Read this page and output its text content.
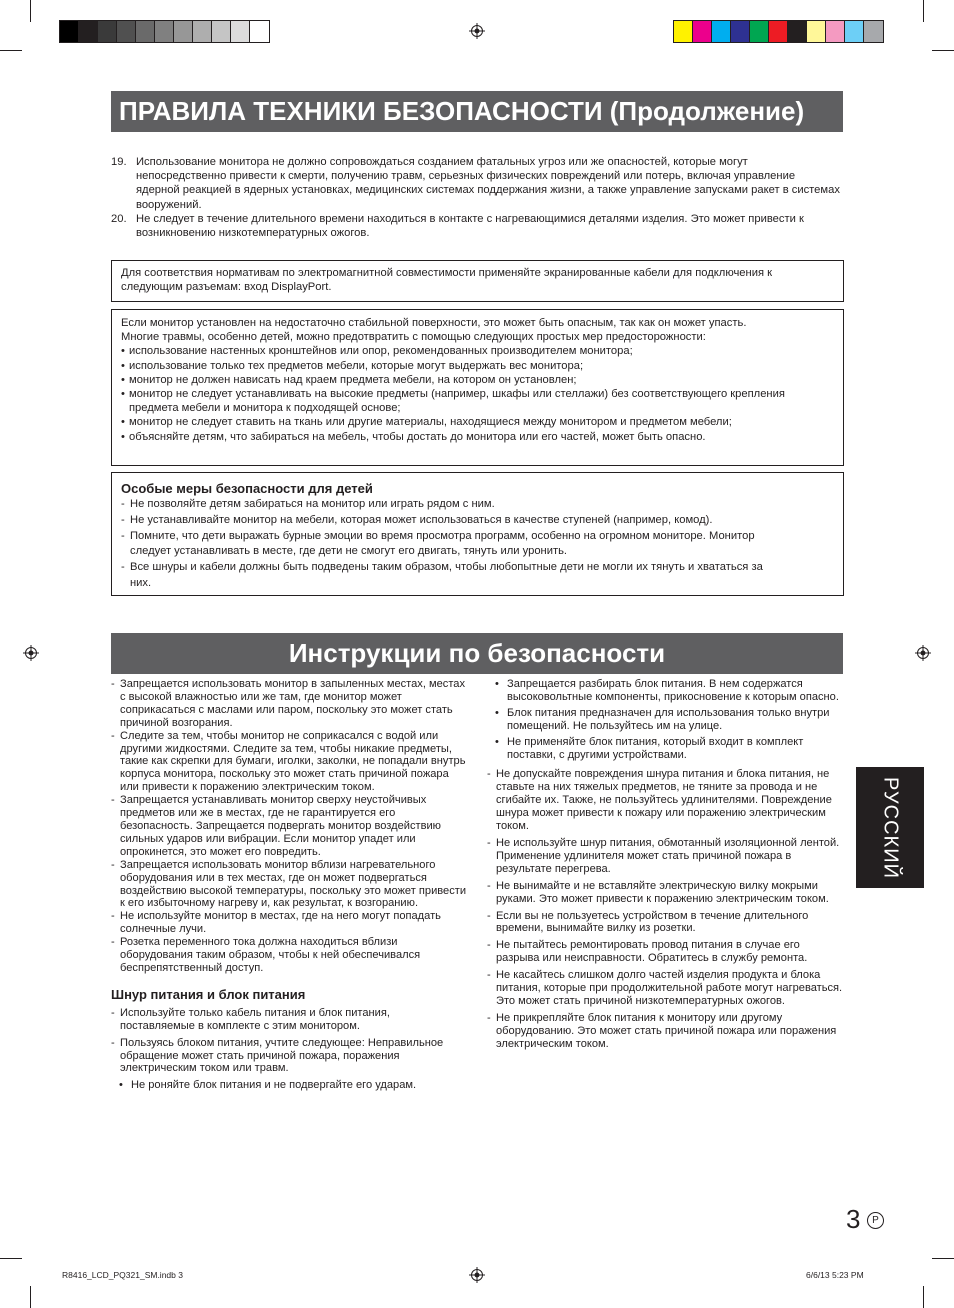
ПРАВИЛА ТЕХНИКИ БЕЗОПАСНОСТИ (Продолжение)
19. Использование монитора не должно сопровождаться созданием фатальных угроз или же опасностей, которые могут непосредственно привести к смерти, получению травм, серьезных физических повреждений или потерь, включая управление ядерной реакцией в ядерных установках, медицинских системах поддержания жизни, а также управление запусками ракет в системах вооружений.
20. Не следует в течение длительного времени находиться в контакте с нагревающимися деталями изделия. Это может привести к возникновению низкотемпературных ожогов.
Для соответствия нормативам по электромагнитной совместимости применяйте экранированные кабели для подключения к следующим разъемам: вход DisplayPort.
Если монитор установлен на недостаточно стабильной поверхности, это может быть опасным, так как он может упасть. Многие травмы, особенно детей, можно предотвратить с помощью следующих простых мер предосторожности:
• использование настенных кронштейнов или опор, рекомендованных производителем монитора;
• использование только тех предметов мебели, которые могут выдержать вес монитора;
• монитор не должен нависать над краем предмета мебели, на котором он установлен;
• монитор не следует устанавливать на высокие предметы (например, шкафы или стеллажи) без соответствующего крепления предмета мебели и монитора к подходящей основе;
• монитор не следует ставить на ткань или другие материалы, находящиеся между монитором и предметом мебели;
• объясняйте детям, что забираться на мебель, чтобы достать до монитора или его частей, может быть опасно.
Особые меры безопасности для детей
- Не позволяйте детям забираться на монитор или играть рядом с ним.
- Не устанавливайте монитор на мебели, которая может использоваться в качестве ступеней (например, комод).
- Помните, что дети выражать бурные эмоции во время просмотра программ, особенно на огромном мониторе. Монитор следует устанавливать в месте, где дети не смогут его двигать, тянуть или уронить.
- Все шнуры и кабели должны быть подведены таким образом, чтобы любопытные дети не могли их тянуть и хвататься за них.
Инструкции по безопасности
- Запрещается использовать монитор в запыленных местах, местах с высокой влажностью или же там, где монитор может соприкасаться с маслами или паром, поскольку это может стать причиной возгорания.
- Следите за тем, чтобы монитор не соприкасался с водой или другими жидкостями. Следите за тем, чтобы никакие предметы, такие как скрепки для бумаги, иголки, заколки, не попадали внутрь корпуса монитора, поскольку это может стать причиной пожара или привести к поражению электрическим током.
- Запрещается устанавливать монитор сверху неустойчивых предметов или же в местах, где не гарантируется его безопасность. Запрещается подвергать монитор воздействию сильных ударов или вибрации. Если монитор упадет или опрокинется, это может его повредить.
- Запрещается использовать монитор вблизи нагревательного оборудования или в тех местах, где он может подвергаться воздействию высокой температуры, поскольку это может привести к его избыточному нагреву и, как результат, к возгоранию.
- Не используйте монитор в местах, где на него могут попадать солнечные лучи.
- Розетка переменного тока должна находиться вблизи оборудования таким образом, чтобы к ней обеспечивался беспрепятственный доступ.
Шнур питания и блок питания
- Используйте только кабель питания и блок питания, поставляемые в комплекте с этим монитором.
- Пользуясь блоком питания, учтите следующее: Неправильное обращение может стать причиной пожара, поражения электрическим током или травм.
• Не роняйте блок питания и не подвергайте его ударам.
• Запрещается разбирать блок питания. В нем содержатся высоковольтные компоненты, прикосновение к которым опасно.
• Блок питания предназначен для использования только внутри помещений. Не пользуйтесь им на улице.
• Не применяйте блок питания, который входит в комплект поставки, с другими устройствами.
- Не допускайте повреждения шнура питания и блока питания, не ставьте на них тяжелых предметов, не тяните за провода и не сгибайте их. Также, не пользуйтесь удлинителями. Повреждение шнура может привести к пожару или поражению электрическим током.
- Не используйте шнур питания, обмотанный изоляционной лентой. Применение удлинителя может стать причиной пожара в результате перегрева.
- Не вынимайте и не вставляйте электрическую вилку мокрыми руками. Это может привести к поражению электрическим током.
- Если вы не пользуетесь устройством в течение длительного времени, вынимайте вилку из розетки.
- Не пытайтесь ремонтировать провод питания в случае его разрыва или неисправности. Обратитесь в службу ремонта.
- Не касайтесь слишком долго частей изделия продукта и блока питания, которые при продолжительной работе могут нагреваться. Это может стать причиной низкотемпературных ожогов.
- Не прикрепляйте блок питания к монитору или другому оборудованию. Это может стать причиной пожара или поражения электрическим током.
РУССКИЙ
3	P
R8416_LCD_PQ321_SM.indb 3	6/6/13 5:23 PM
